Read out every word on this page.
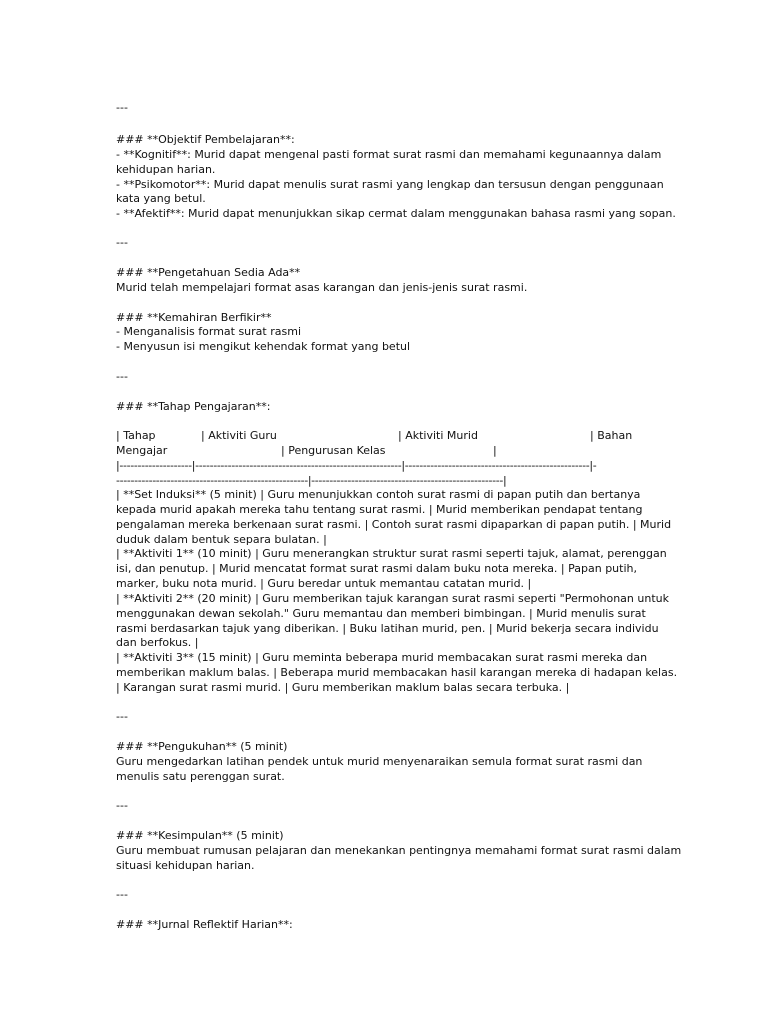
---
### **Objektif Pembelajaran**:
- **Kognitif**: Murid dapat mengenal pasti format surat rasmi dan memahami kegunaannya dalam
kehidupan harian.
- **Psikomotor**: Murid dapat menulis surat rasmi yang lengkap dan tersusun dengan penggunaan
kata yang betul.
- **Afektif**: Murid dapat menunjukkan sikap cermat dalam menggunakan bahasa rasmi yang sopan.
---
### **Pengetahuan Sedia Ada**
Murid telah mempelajari format asas karangan dan jenis-jenis surat rasmi.
### **Kemahiran Berfikir**
- Menganalisis format surat rasmi
- Menyusun isi mengikut kehendak format yang betul
---
### **Tahap Pengajaran**:
| Tahap	| Aktiviti Guru	| Aktiviti Murid	| Bahan
Mengajar	| Pengurusan Kelas	|
|--------------------|---------------------------------------------------------|---------------------------------------------------|-
-----------------------------------------------------|-----------------------------------------------------|
| **Set Induksi** (5 minit) | Guru menunjukkan contoh surat rasmi di papan putih dan bertanya
kepada murid apakah mereka tahu tentang surat rasmi. | Murid memberikan pendapat tentang
pengalaman mereka berkenaan surat rasmi. | Contoh surat rasmi dipaparkan di papan putih. | Murid
duduk dalam bentuk separa bulatan. |
| **Aktiviti 1** (10 minit) | Guru menerangkan struktur surat rasmi seperti tajuk, alamat, perenggan
isi, dan penutup. | Murid mencatat format surat rasmi dalam buku nota mereka. | Papan putih,
marker, buku nota murid. | Guru beredar untuk memantau catatan murid. |
| **Aktiviti 2** (20 minit) | Guru memberikan tajuk karangan surat rasmi seperti "Permohonan untuk
menggunakan dewan sekolah." Guru memantau dan memberi bimbingan. | Murid menulis surat
rasmi berdasarkan tajuk yang diberikan. | Buku latihan murid, pen. | Murid bekerja secara individu
dan berfokus. |
| **Aktiviti 3** (15 minit) | Guru meminta beberapa murid membacakan surat rasmi mereka dan
memberikan maklum balas. | Beberapa murid membacakan hasil karangan mereka di hadapan kelas.
| Karangan surat rasmi murid. | Guru memberikan maklum balas secara terbuka. |
---
### **Pengukuhan** (5 minit)
Guru mengedarkan latihan pendek untuk murid menyenaraikan semula format surat rasmi dan
menulis satu perenggan surat.
---
### **Kesimpulan** (5 minit)
Guru membuat rumusan pelajaran dan menekankan pentingnya memahami format surat rasmi dalam
situasi kehidupan harian.
---
### **Jurnal Reflektif Harian**:
